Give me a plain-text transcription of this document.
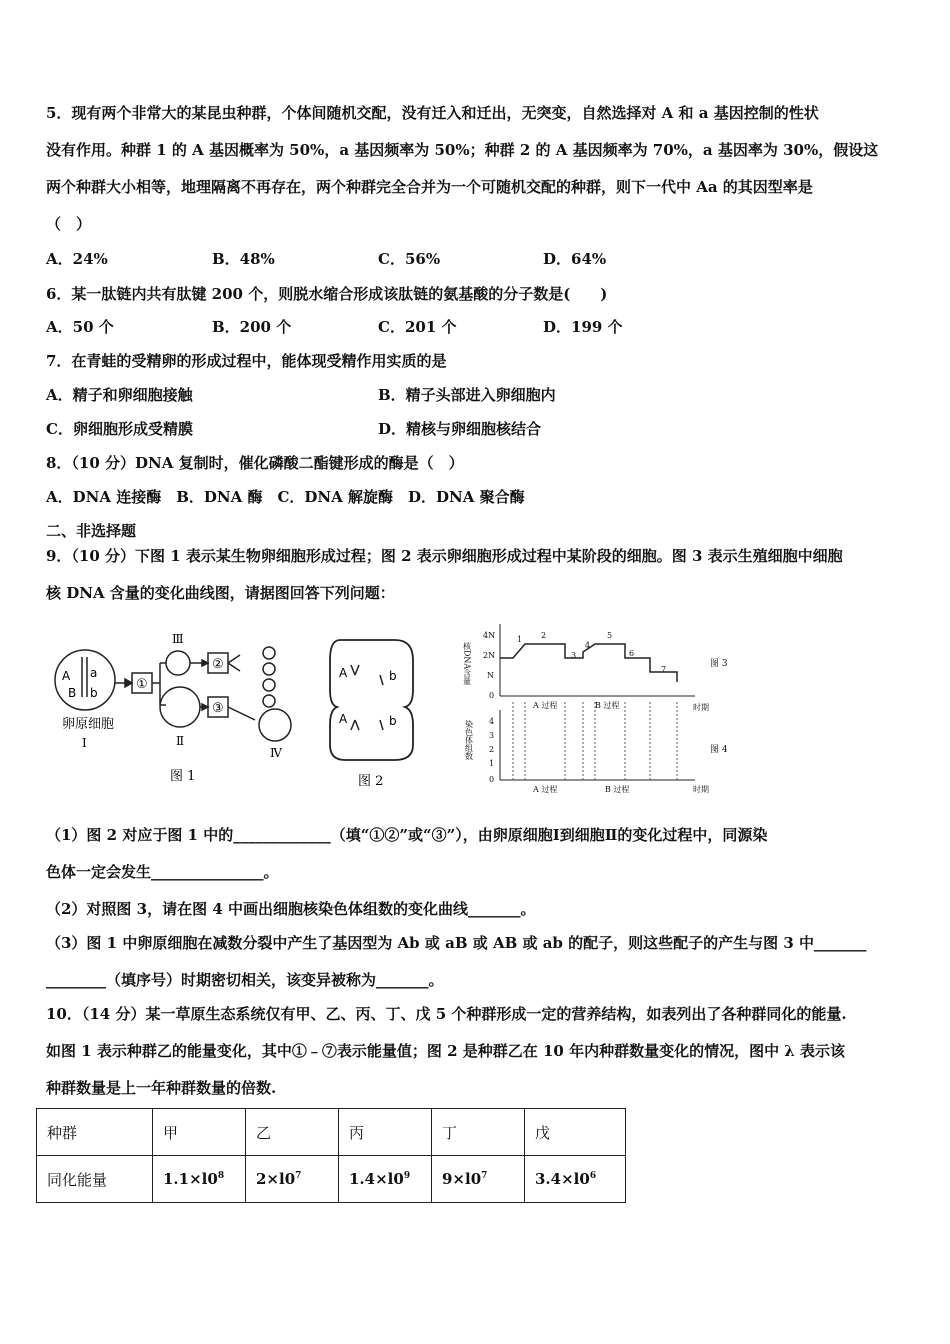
5．现有两个非常大的某昆虫种群，个体间随机交配，没有迁入和迁出，无突变，自然选择对 A 和 a 基因控制的性状
没有作用。种群 1 的 A 基因概率为 50%，a 基因频率为 50%；种群 2 的 A 基因频率为 70%，a 基因率为 30%，假设这
两个种群大小相等，地理隔离不再存在，两个种群完全合并为一个可随机交配的种群，则下一代中 Aa 的其因型率是
（　）
A．24%	B．48%	C．56%	D．64%
6．某一肽链内共有肽键 200 个，则脱水缩合形成该肽链的氨基酸的分子数是(　　)
A．50 个	B．200 个	C．201 个	D．199 个
7．在青蛙的受精卵的形成过程中，能体现受精作用实质的是
A．精子和卵细胞接触	B．精子头部进入卵细胞内
C．卵细胞形成受精膜	D．精核与卵细胞核结合
8．（10 分）DNA 复制时，催化磷酸二酯键形成的酶是（　）
A．DNA 连接酶　B．DNA 酶　C．DNA 解旋酶　D．DNA 聚合酶
二、非选择题
9．（10 分）下图 1 表示某生物卵细胞形成过程；图 2 表示卵细胞形成过程中某阶段的细胞。图 3 表示生殖细胞中细胞
核 DNA 含量的变化曲线图，请据图回答下列问题：
A a
B b
①
②
③
Ⅲ
Ⅱ
Ⅳ
卵原细胞
Ⅰ
图 1
A	b
A	b
图 2
核DNA含量
4N
2N
N
0
1 2
3
4
5
6
7
A 过程	B 过程	时期
图 3
染色体组数 4
3
2
1
0
A 过程	B 过程	时期
图 4
（1）图 2 对应于图 1 中的_____________（填“①②”或“③”），由卵原细胞Ⅰ到细胞Ⅱ的变化过程中，同源染
色体一定会发生_______________。
（2）对照图 3，请在图 4 中画出细胞核染色体组数的变化曲线_______。
（3）图 1 中卵原细胞在减数分裂中产生了基因型为 Ab 或 aB 或 AB 或 ab 的配子，则这些配子的产生与图 3 中_______
________（填序号）时期密切相关，该变异被称为_______。
10．（14 分）某一草原生态系统仅有甲、乙、丙、丁、戊 5 个种群形成一定的营养结构，如表列出了各种群同化的能量.
如图 1 表示种群乙的能量变化，其中①﹣⑦表示能量值；图 2 是种群乙在 10 年内种群数量变化的情况，图中 λ 表示该
种群数量是上一年种群数量的倍数.
种群	甲	乙	丙	丁	戊
同化能量	$1.1\times l0^8$	$2\times l0^7$	$1.4\times l0^9$	$9\times l0^7$	$3.4\times l0^6$
